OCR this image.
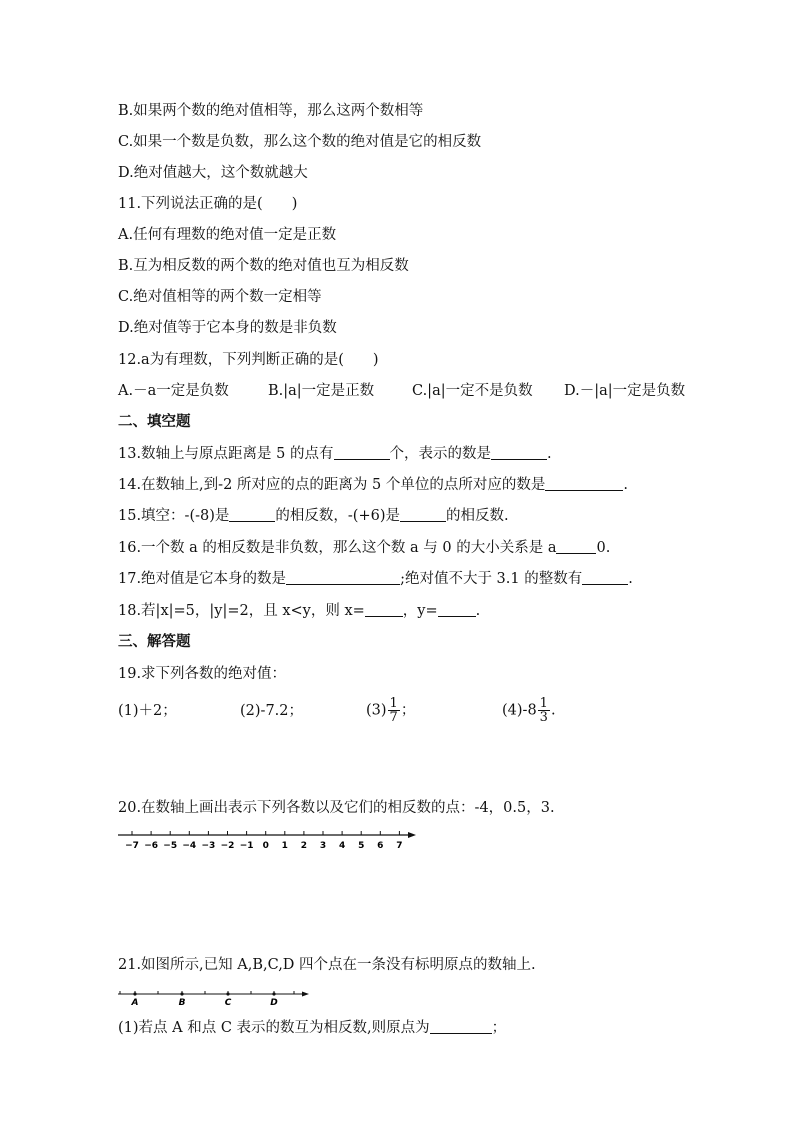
B.如果两个数的绝对值相等，那么这两个数相等
C.如果一个数是负数，那么这个数的绝对值是它的相反数
D.绝对值越大，这个数就越大
11.下列说法正确的是(　　)
A.任何有理数的绝对值一定是正数
B.互为相反数的两个数的绝对值也互为相反数
C.绝对值相等的两个数一定相等
D.绝对值等于它本身的数是非负数
12.a为有理数，下列判断正确的是(　　)
A.－a一定是负数	B.|a|一定是正数	C.|a|一定不是负数 D.－|a|一定是负数
二、填空题
13.数轴上与原点距离是 5 的点有	个，表示的数是	.
14.在数轴上,到-2 所对应的点的距离为 5 个单位的点所对应的数是	.
15.填空：-(-8)是	的相反数，-(+6)是	的相反数.
16.一个数 a 的相反数是非负数，那么这个数 a 与 0 的大小关系是 a	0.
17.绝对值是它本身的数是	;绝对值不大于 3.1 的整数有	.
18.若|x|=5，|y|=2，且 x<y，则 x=	，y=	.
三、解答题
19.求下列各数的绝对值：
(1)＋2；	(2)-7.2；	$(3) \frac{1}{7}$ ；	$(4)-8 \frac{1}{3}$ .
20.在数轴上画出表示下列各数以及它们的相反数的点：-4，0.5，3.
−7 −6 −5 −4 −3 −2 −1 0 1 2 3 4 5 6 7
21.如图所示,已知 A,B,C,D 四个点在一条没有标明原点的数轴上.
A	B	C	D
(1)若点 A 和点 C 表示的数互为相反数,则原点为	；
